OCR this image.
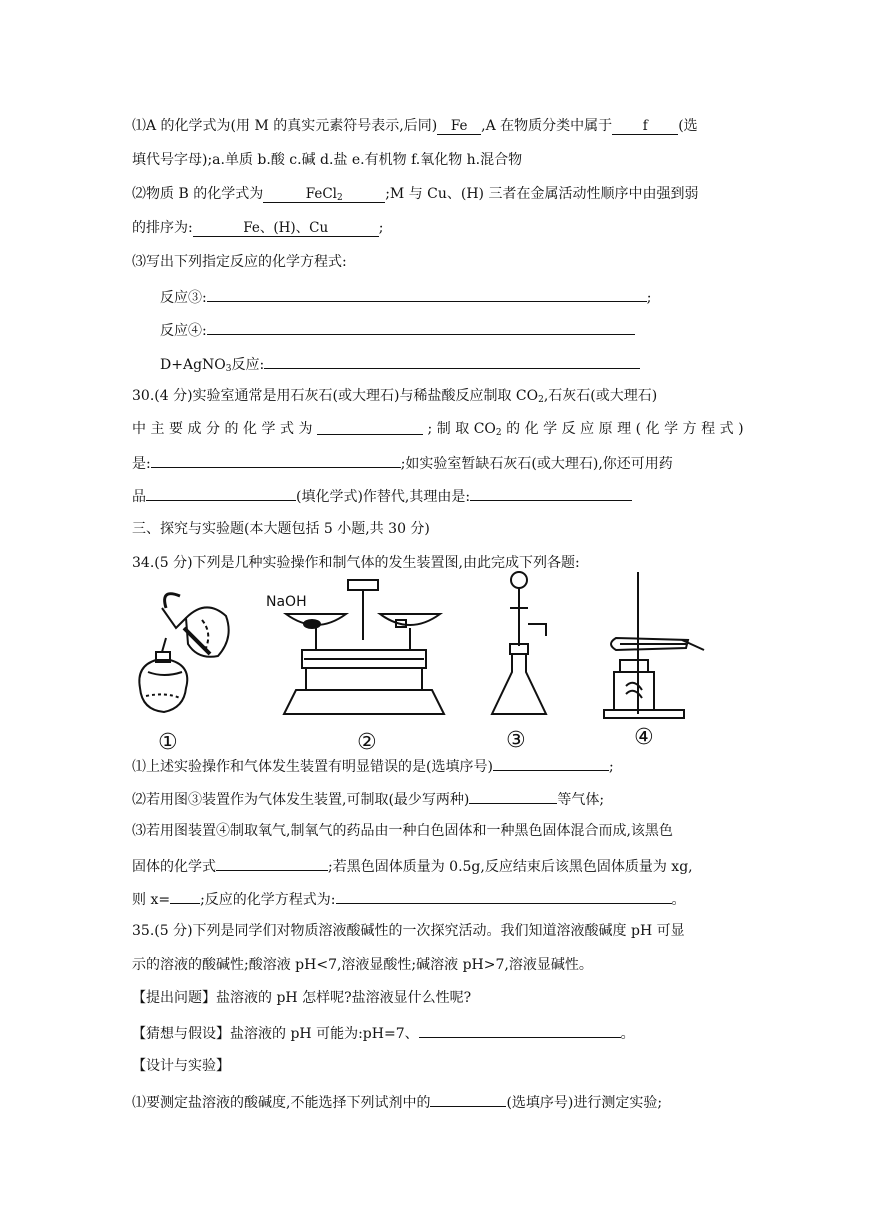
⑴A 的化学式为(用 M 的真实元素符号表示,后同) Fe ,A 在物质分类中属于 f (选
填代号字母);a.单质 b.酸 c.碱 d.盐 e.有机物 f.氧化物 h.混合物
⑵物质 B 的化学式为	FeCl$_2$	;M 与 Cu、(H) 三者在金属活动性顺序中由强到弱
的排序为:	Fe、(H)、Cu	;
⑶写出下列指定反应的化学方程式:
反应③:	;
反应④:
D+AgNO$_3$反应:
30.(4 分)实验室通常是用石灰石(或大理石)与稀盐酸反应制取 $CO_2$,石灰石(或大理石)
中 主 要 成 分 的 化 学 式 为	; 制 取 $CO_2$ 的 化 学 反 应 原 理 ( 化 学 方 程 式 )
是:	;如实验室暂缺石灰石(或大理石),你还可用药
品	(填化学式)作替代,其理由是:
三、探究与实验题(本大题包括 5 小题,共 30 分)
34.(5 分)下列是几种实验操作和制气体的发生装置图,由此完成下列各题:
NaOH
①	②	③	④
⑴上述实验操作和气体发生装置有明显错误的是(选填序号)	;
⑵若用图③装置作为气体发生装置,可制取(最少写两种)	等气体;
⑶若用图装置④制取氧气,制氧气的药品由一种白色固体和一种黑色固体混合而成,该黑色
固体的化学式	;若黑色固体质量为 0.5g,反应结束后该黑色固体质量为 xg,
则 x= ;反应的化学方程式为:	。
35.(5 分)下列是同学们对物质溶液酸碱性的一次探究活动。我们知道溶液酸碱度 pH 可显
示的溶液的酸碱性;酸溶液 pH<7,溶液显酸性;碱溶液 pH>7,溶液显碱性。
【提出问题】盐溶液的 pH 怎样呢?盐溶液显什么性呢?
【猜想与假设】盐溶液的 pH 可能为:pH=7、	。
【设计与实验】
⑴要测定盐溶液的酸碱度,不能选择下列试剂中的	(选填序号)进行测定实验;
